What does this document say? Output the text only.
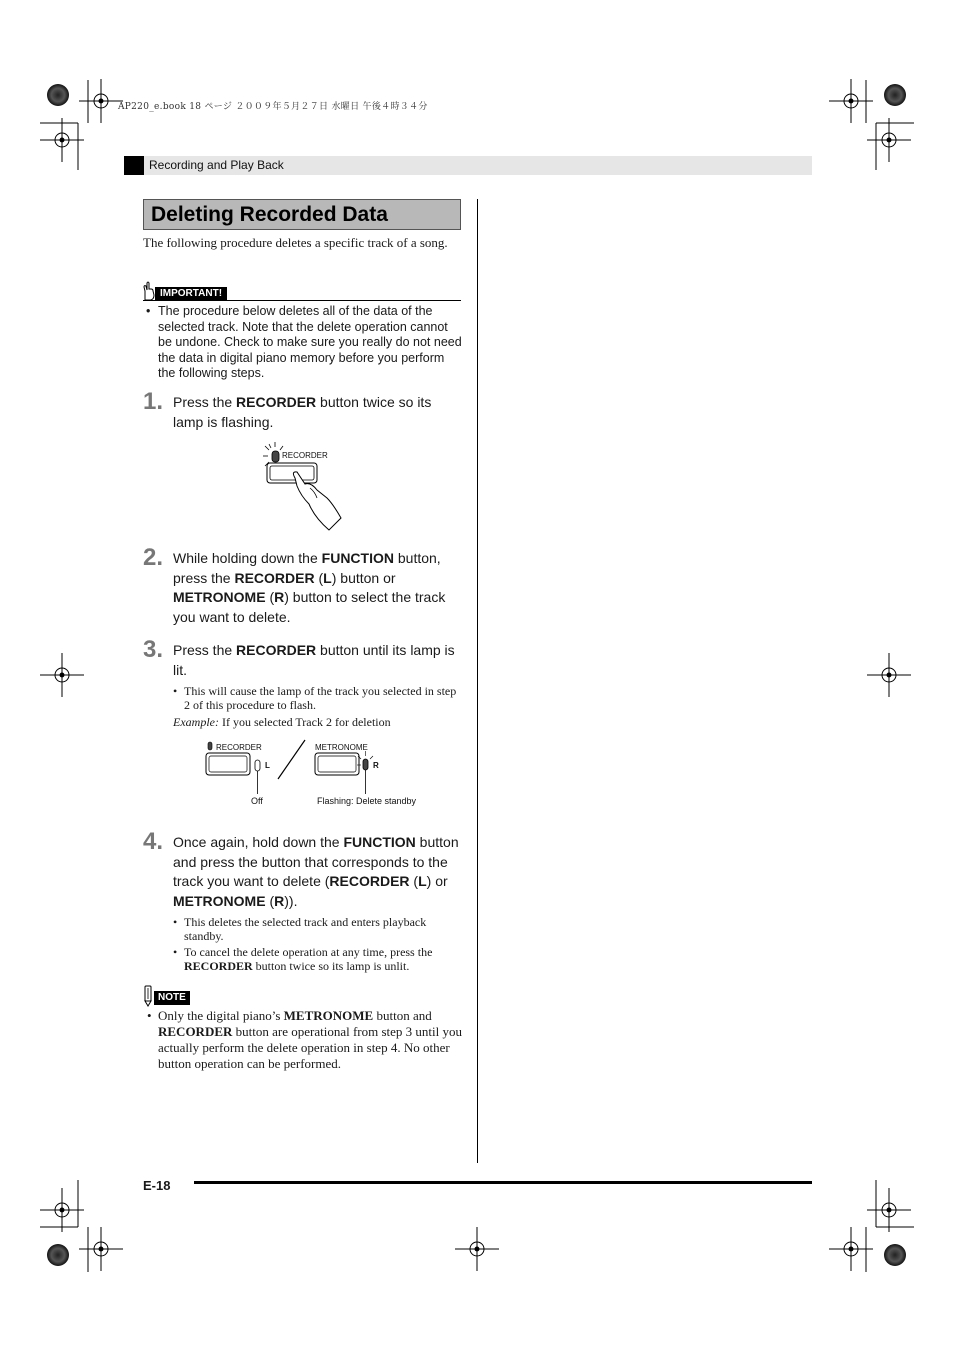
AP220_e.book 18 ページ ２００９年５月２７日 水曜日 午後４時３４分
Recording and Play Back
Deleting Recorded Data
The following procedure deletes a specific track of a song.
IMPORTANT!
• The procedure below deletes all of the data of the selected track. Note that the delete operation cannot be undone. Check to make sure you really do not need the data in digital piano memory before you perform the following steps.
1. Press the RECORDER button twice so its lamp is flashing.
RECORDER
2. While holding down the FUNCTION button, press the RECORDER (L) button or METRONOME (R) button to select the track you want to delete.
3. Press the RECORDER button until its lamp is lit.
• This will cause the lamp of the track you selected in step 2 of this procedure to flash.
Example: If you selected Track 2 for deletion
RECORDER	METRONOME
L	R
Off	Flashing: Delete standby
4. Once again, hold down the FUNCTION button and press the button that corresponds to the track you want to delete (RECORDER (L) or METRONOME (R)).
• This deletes the selected track and enters playback standby.
• To cancel the delete operation at any time, press the RECORDER button twice so its lamp is unlit.
NOTE
• Only the digital piano’s METRONOME button and RECORDER button are operational from step 3 until you actually perform the delete operation in step 4. No other button operation can be performed.
E-18
